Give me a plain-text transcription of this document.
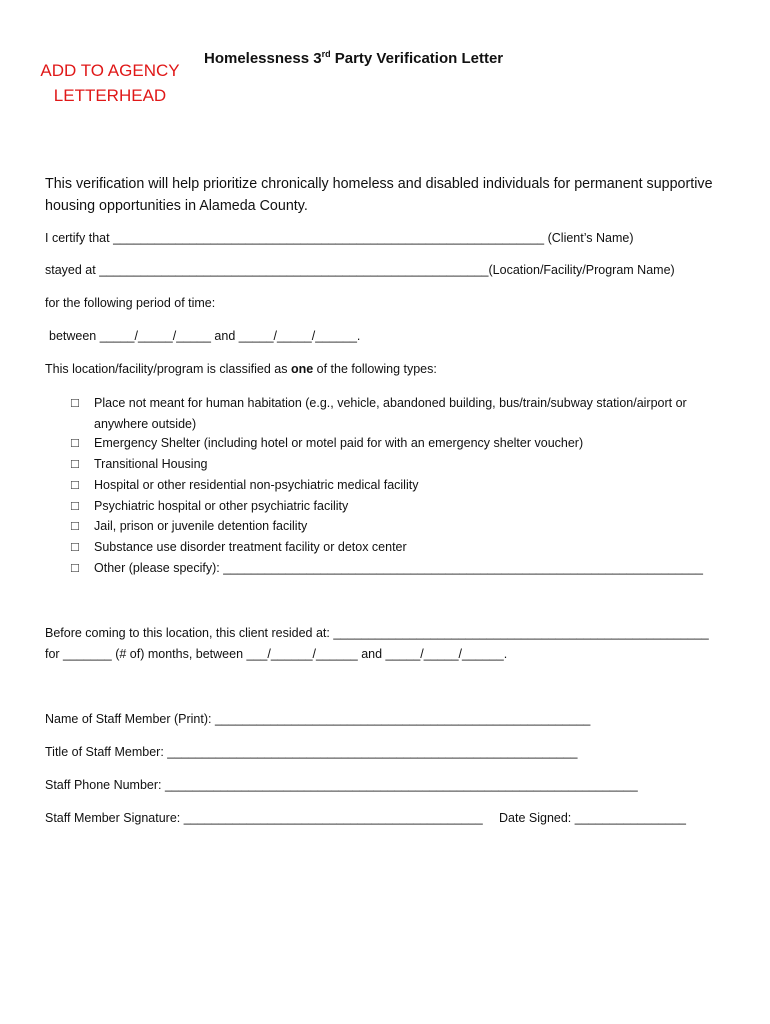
ADD TO AGENCY LETTERHEAD
Homelessness 3rd Party Verification Letter
This verification will help prioritize chronically homeless and disabled individuals for permanent supportive housing opportunities in Alameda County.
I certify that ______________________________________________________________ (Client’s Name)
stayed at ________________________________________________________(Location/Facility/Program Name)
for the following period of time:
between _____/_____/_____ and _____/_____/______.
This location/facility/program is classified as one of the following types:
☐ Place not meant for human habitation (e.g., vehicle, abandoned building, bus/train/subway station/airport or anywhere outside)
☐ Emergency Shelter (including hotel or motel paid for with an emergency shelter voucher)
☐ Transitional Housing
☐ Hospital or other residential non-psychiatric medical facility
☐ Psychiatric hospital or other psychiatric facility
☐ Jail, prison or juvenile detention facility
☐ Substance use disorder treatment facility or detox center
☐ Other (please specify): _____________________________________________________________________
Before coming to this location, this client resided at: ______________________________________________________
for _______ (# of) months, between ___/______/______ and _____/_____/______.
Name of Staff Member (Print): ______________________________________________________
Title of Staff Member: ___________________________________________________________
Staff Phone Number: ____________________________________________________________________
Staff Member Signature: ___________________________________________ Date Signed: ________________
